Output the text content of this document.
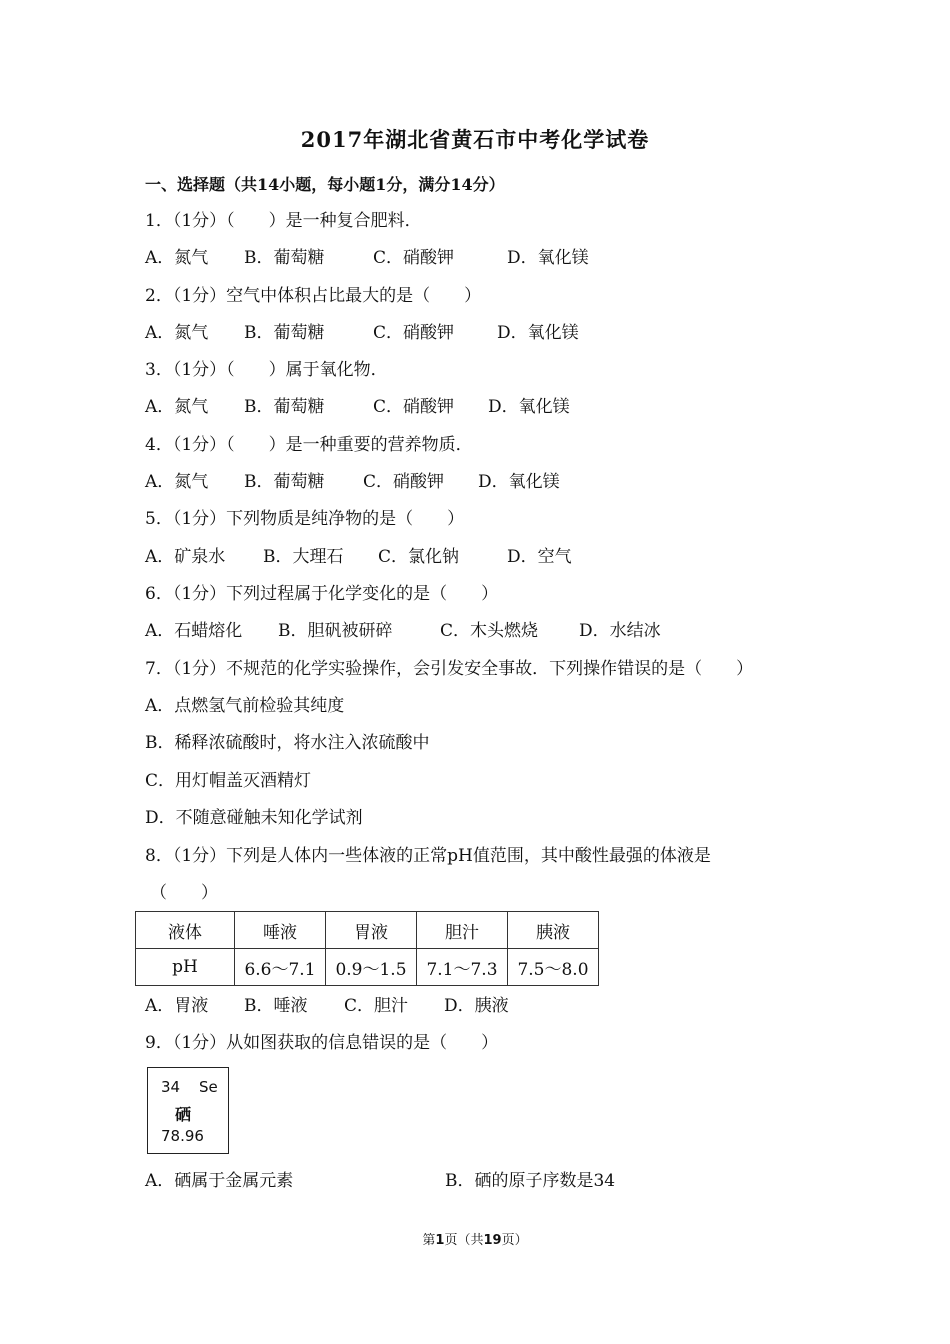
2017年湖北省黄石市中考化学试卷
一、选择题（共14小题，每小题1分，满分14分）
1．（1分）（　　）是一种复合肥料．
A．氮气 B．葡萄糖	C．硝酸钾	D．氧化镁
2．（1分）空气中体积占比最大的是（　　）
A．氮气 B．葡萄糖	C．硝酸钾	D．氧化镁
3．（1分）（　　）属于氧化物．
A．氮气 B．葡萄糖	C．硝酸钾 D．氧化镁
4．（1分）（　　）是一种重要的营养物质．
A．氮气 B．葡萄糖 C．硝酸钾 D．氧化镁
5．（1分）下列物质是纯净物的是（　　）
A．矿泉水 B．大理石 C．氯化钠	D．空气
6．（1分）下列过程属于化学变化的是（　　）
A．石蜡熔化 B．胆矾被研碎	C．木头燃烧 D．水结冰
7．（1分）不规范的化学实验操作，会引发安全事故．下列操作错误的是（　　）
A．点燃氢气前检验其纯度
B．稀释浓硫酸时，将水注入浓硫酸中
C．用灯帽盖灭酒精灯
D．不随意碰触未知化学试剂
8．（1分）下列是人体内一些体液的正常pH值范围，其中酸性最强的体液是
（　　）
液体	唾液	胃液	胆汁	胰液
pH	6.6～7.1	0.9～1.5	7.1～7.3	7.5～8.0
A．胃液 B．唾液 C．胆汁 D．胰液
9．（1分）从如图获取的信息错误的是（　　）
34 Se
硒
78.96
A．硒属于金属元素	B．硒的原子序数是34
第1页（共19页）
